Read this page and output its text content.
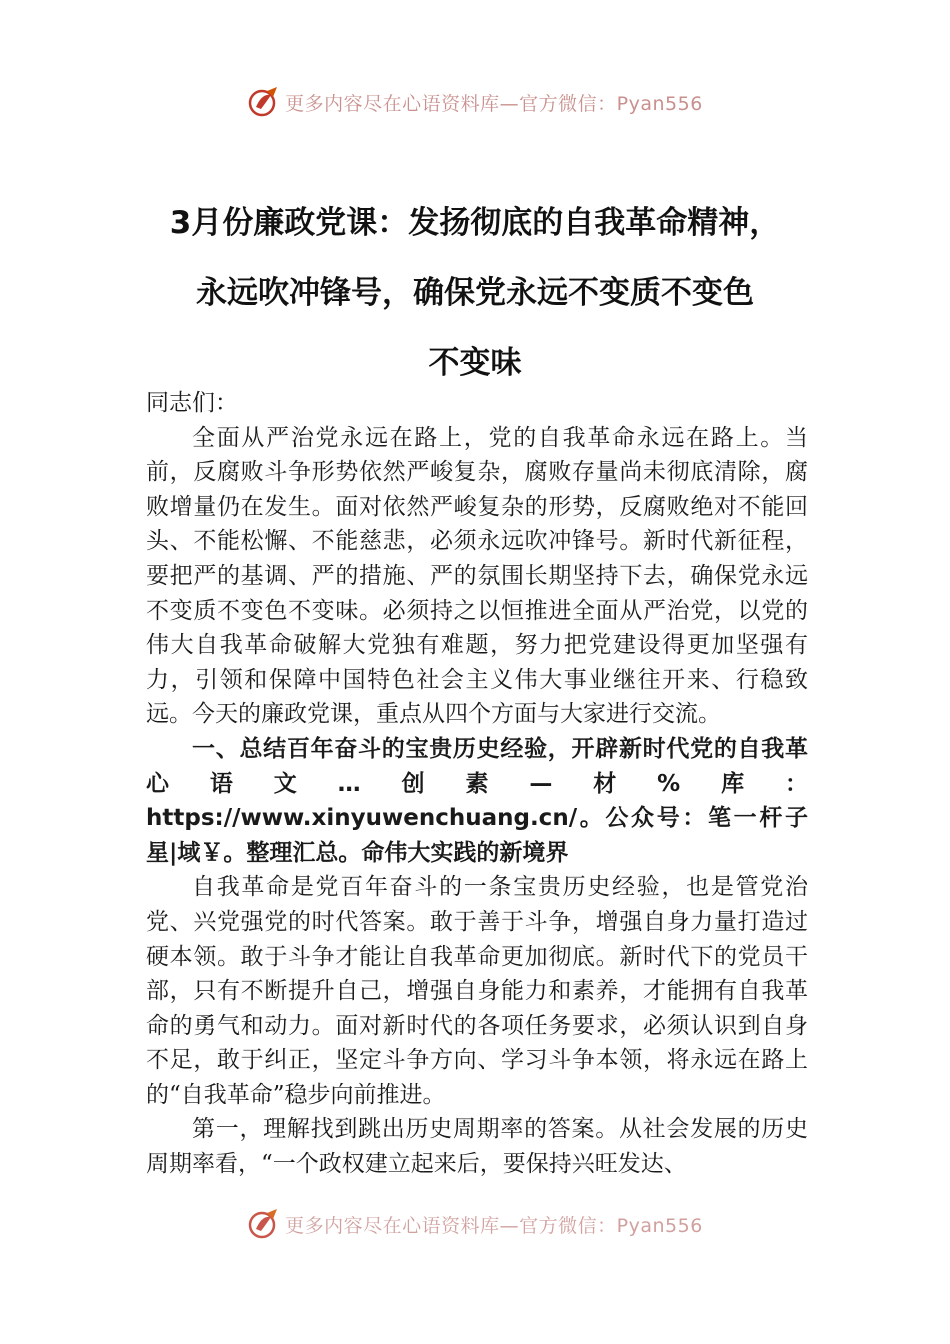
更多内容尽在心语资料库—官方微信：Pyan556
3月份廉政党课：发扬彻底的自我革命精神，
永远吹冲锋号，确保党永远不变质不变色
不变味

同志们：

全面从严治党永远在路上，党的自我革命永远在路上。当前，反腐败斗争形势依然严峻复杂，腐败存量尚未彻底清除，腐败增量仍在发生。面对依然严峻复杂的形势，反腐败绝对不能回头、不能松懈、不能慈悲，必须永远吹冲锋号。新时代新征程，要把严的基调、严的措施、严的氛围长期坚持下去，确保党永远不变质不变色不变味。必须持之以恒推进全面从严治党，以党的伟大自我革命破解大党独有难题，努力把党建设得更加坚强有力，引领和保障中国特色社会主义伟大事业继往开来、行稳致远。今天的廉政党课，重点从四个方面与大家进行交流。

一、总结百年奋斗的宝贵历史经验，开辟新时代党的自我革心语文…创素—材%库：https://www.xinyuwenchuang.cn/。公众号：笔一杆子星|域￥。整理汇总。命伟大实践的新境界

自我革命是党百年奋斗的一条宝贵历史经验，也是管党治党、兴党强党的时代答案。敢于善于斗争，增强自身力量打造过硬本领。敢于斗争才能让自我革命更加彻底。新时代下的党员干部，只有不断提升自己，增强自身能力和素养，才能拥有自我革命的勇气和动力。面对新时代的各项任务要求，必须认识到自身不足，敢于纠正，坚定斗争方向、学习斗争本领，将永远在路上的“自我革命”稳步向前推进。

第一，理解找到跳出历史周期率的答案。从社会发展的历史周期率看，“一个政权建立起来后，要保持兴旺发达、

更多内容尽在心语资料库—官方微信：Pyan556
